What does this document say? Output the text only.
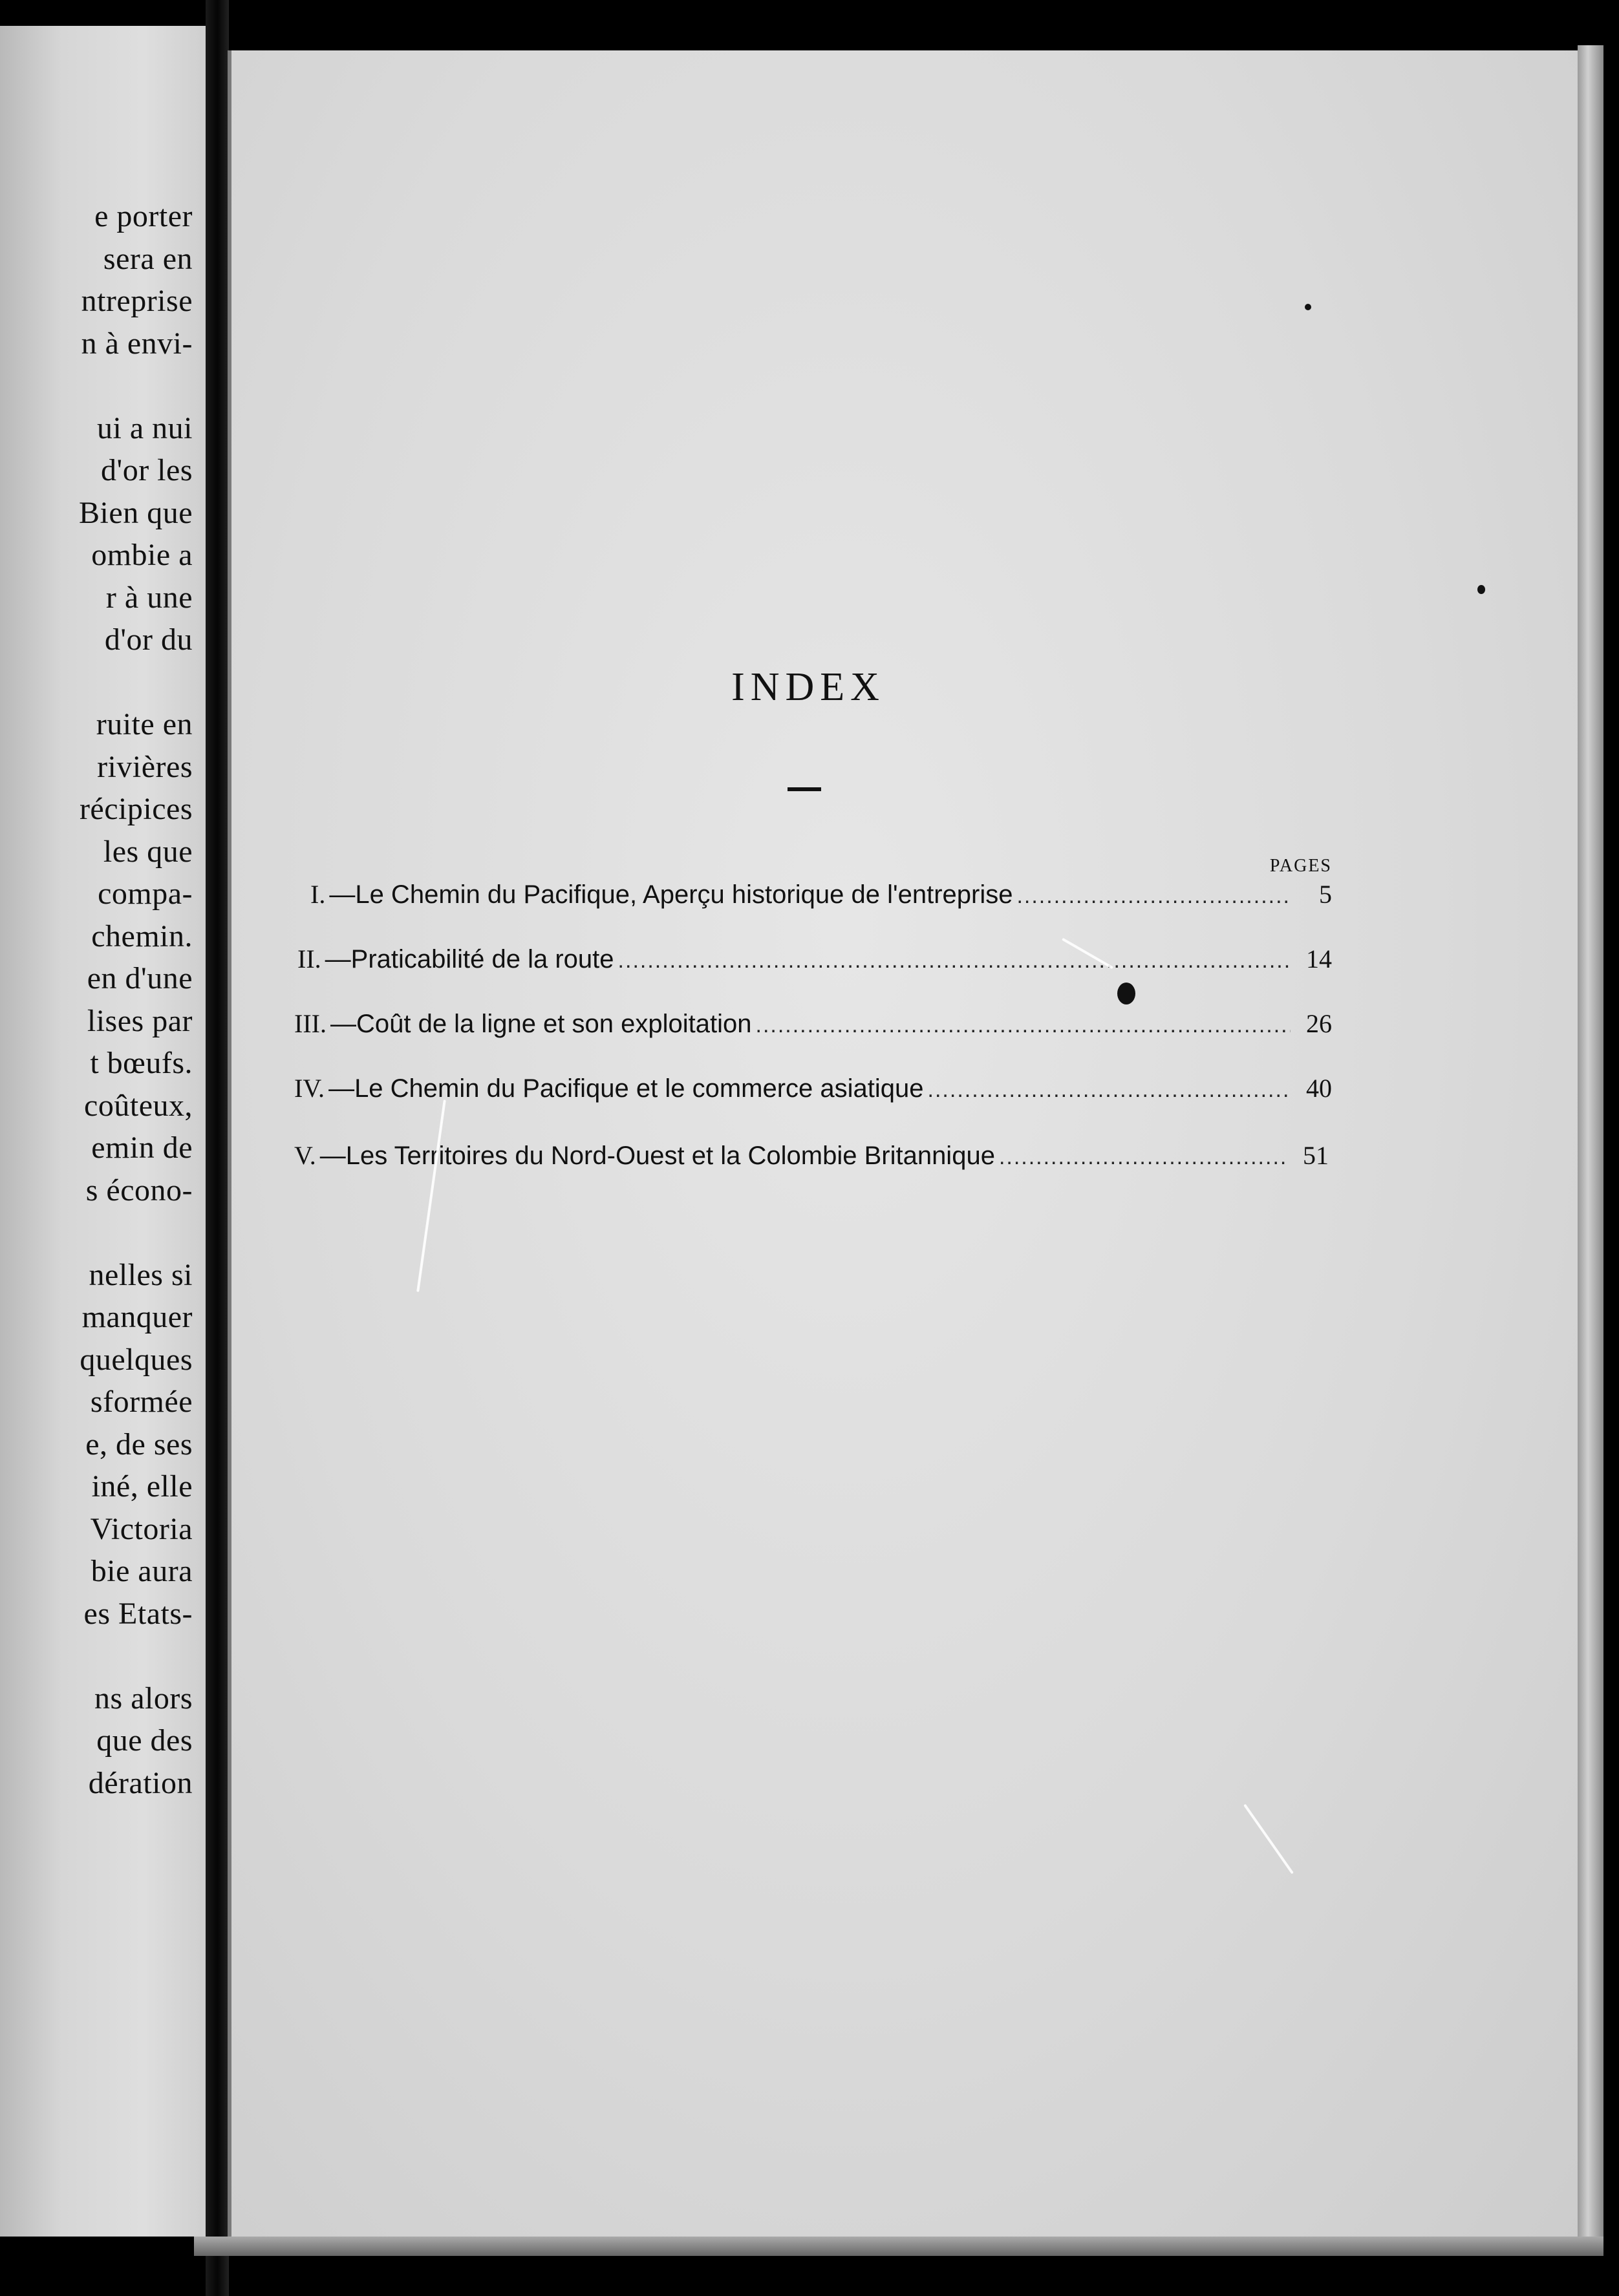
e porter
sera en
ntreprise
n à envi-

ui a nui
d'or les
Bien que
ombie a
r à une
d'or du

ruite en
rivières
récipices
les que
compa-
chemin.
en d'une
lises par
t bœufs.
coûteux,
emin de
s écono-

nelles si
manquer
quelques
sformée
e, de ses
iné, elle
Victoria
bie aura
es Etats-

ns alors
que des
dération
INDEX
PAGES
I. —Le Chemin du Pacifique, Aperçu historique de l'entreprise .....	5
II. —Praticabilité de la route .....	14
III. —Coût de la ligne et son exploitation .....	26
IV. —Le Chemin du Pacifique et le commerce asiatique .....	40
V. —Les Territoires du Nord-Ouest et la Colombie Britannique .....	51
